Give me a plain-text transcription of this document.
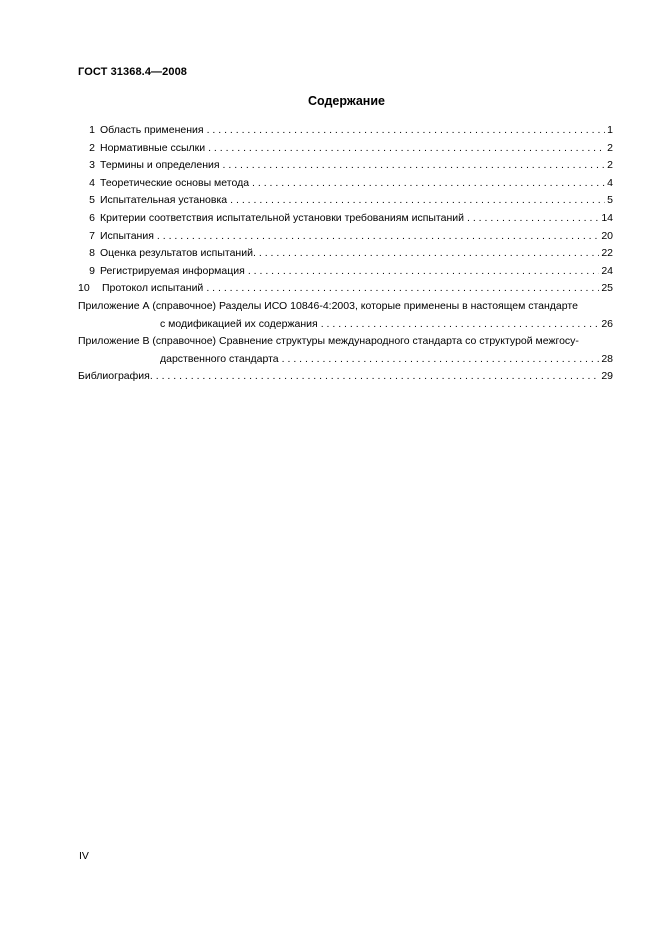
ГОСТ 31368.4—2008
Содержание
1 Область применения . . .	1
2 Нормативные ссылки . . .	2
3 Термины и определения . . .	2
4 Теоретические основы метода . . .	4
5 Испытательная установка . . .	5
6 Критерии соответствия испытательной установки требованиям испытаний . . .	14
7 Испытания . . .	20
8 Оценка результатов испытаний. . . .	22
9 Регистрируемая информация . . .	24
10	Протокол испытаний . . .	25
Приложение А (справочное) Разделы ИСО 10846-4:2003, которые применены в настоящем стандарте
с модификацией их содержания . . .	26
Приложение В (справочное) Сравнение структуры международного стандарта со структурой межгосу-
дарственного стандарта . . .	28
Библиография. . . .	29
IV
